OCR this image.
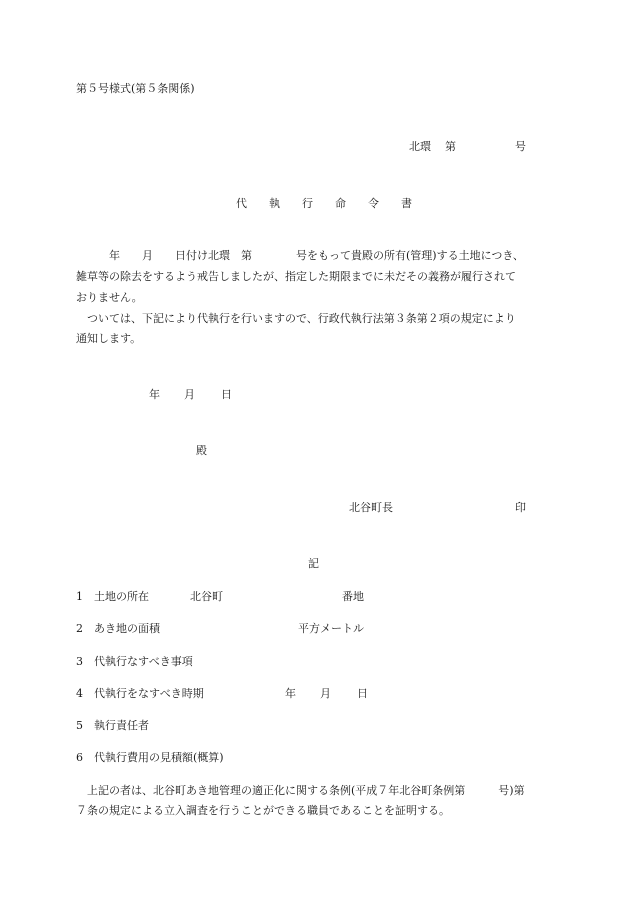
第５号様式(第５条関係)
北環 第	号
代 執 行 命 令 書
　　　年　　月　　日付け北環　第　　　　号をもって貴殿の所有(管理)する土地につき、
雑草等の除去をするよう戒告しましたが、指定した期限までに未だその義務が履行されて
おりません。
　ついては、下記により代執行を行いますので、行政代執行法第３条第２項の規定により
通知します。
年 月 日
殿
北谷町長	印
記
1 土地の所在	北谷町	番地
2 あき地の面積	平方メートル
3 代執行なすべき事項
4 代執行をなすべき時期	年 月 日
5 執行責任者
6 代執行費用の見積額(概算)
　上記の者は、北谷町あき地管理の適正化に関する条例(平成７年北谷町条例第　　　号)第
７条の規定による立入調査を行うことができる職員であることを証明する。
